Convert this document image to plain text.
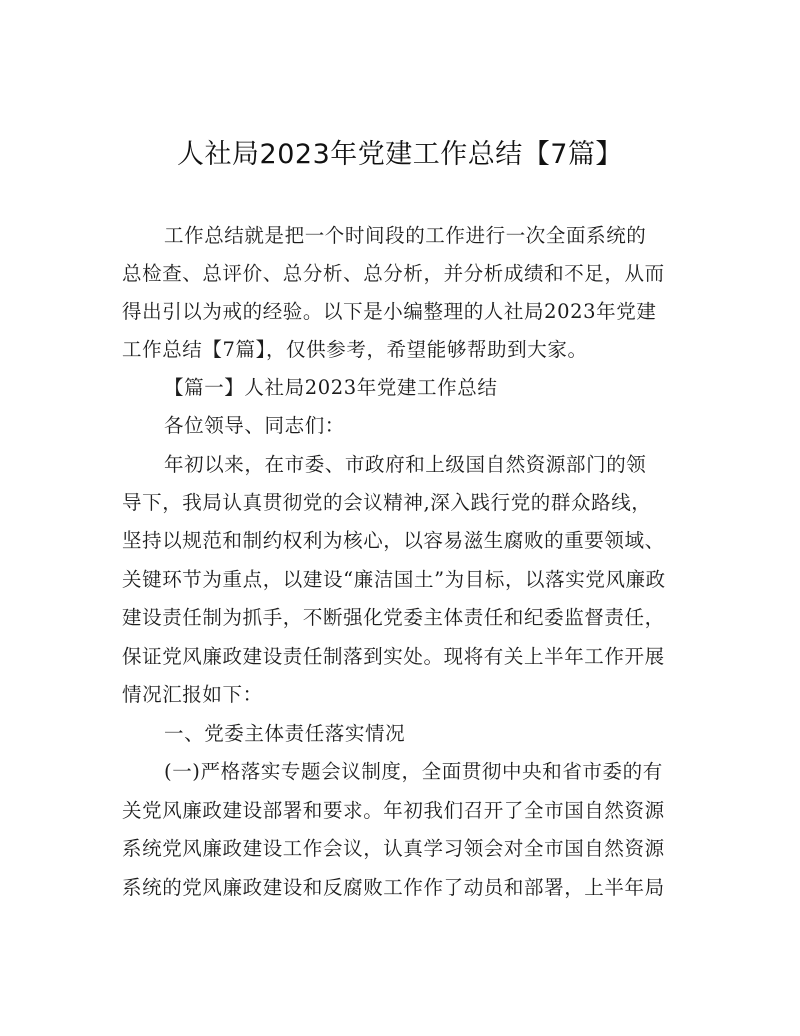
人社局2023年党建工作总结【7篇】
工作总结就是把一个时间段的工作进行一次全面系统的
总检查、总评价、总分析、总分析，并分析成绩和不足，从而
得出引以为戒的经验。以下是小编整理的人社局2023年党建
工作总结【7篇】，仅供参考，希望能够帮助到大家。
【篇一】人社局2023年党建工作总结
各位领导、同志们：
年初以来，在市委、市政府和上级国自然资源部门的领
导下，我局认真贯彻党的会议精神,深入践行党的群众路线，
坚持以规范和制约权利为核心，以容易滋生腐败的重要领域、
关键环节为重点，以建设“廉洁国土”为目标，以落实党风廉政
建设责任制为抓手，不断强化党委主体责任和纪委监督责任，
保证党风廉政建设责任制落到实处。现将有关上半年工作开展
情况汇报如下：
一、党委主体责任落实情况
(一)严格落实专题会议制度，全面贯彻中央和省市委的有
关党风廉政建设部署和要求。年初我们召开了全市国自然资源
系统党风廉政建设工作会议，认真学习领会对全市国自然资源
系统的党风廉政建设和反腐败工作作了动员和部署，上半年局
